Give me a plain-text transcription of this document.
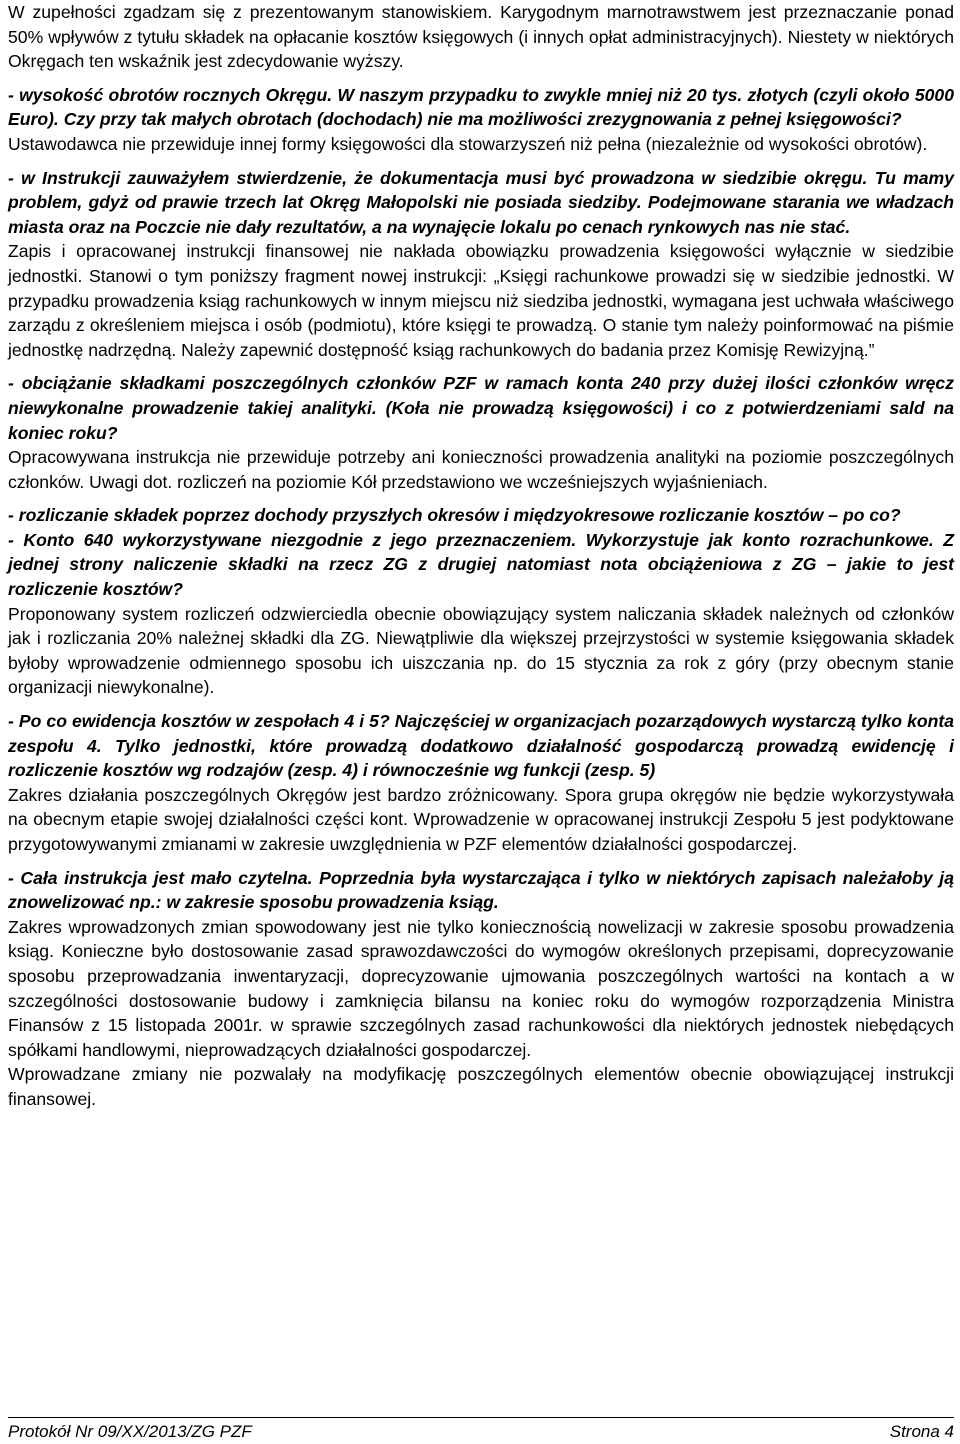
W zupełności zgadzam się z prezentowanym stanowiskiem. Karygodnym marnotrawstwem jest przeznaczanie ponad 50% wpływów z tytułu składek na opłacanie kosztów księgowych (i innych opłat administracyjnych). Niestety w niektórych Okręgach ten wskaźnik jest zdecydowanie wyższy.

- wysokość obrotów rocznych Okręgu. W naszym przypadku to zwykle mniej niż 20 tys. złotych (czyli około 5000 Euro). Czy przy tak małych obrotach (dochodach) nie ma możliwości zrezygnowania z pełnej księgowości?

Ustawodawca nie przewiduje innej formy księgowości dla stowarzyszeń niż pełna (niezależnie od wysokości obrotów).

- w Instrukcji zauważyłem stwierdzenie, że dokumentacja musi być prowadzona w siedzibie okręgu. Tu mamy problem, gdyż od prawie trzech lat Okręg Małopolski nie posiada siedziby. Podejmowane starania we władzach miasta oraz na Poczcie nie dały rezultatów, a na wynajęcie lokalu po cenach rynkowych nas nie stać.

Zapis i opracowanej instrukcji finansowej nie nakłada obowiązku prowadzenia księgowości wyłącznie w siedzibie jednostki. Stanowi o tym poniższy fragment nowej instrukcji: „Księgi rachunkowe prowadzi się w siedzibie jednostki. W przypadku prowadzenia ksiąg rachunkowych w innym miejscu niż siedziba jednostki, wymagana jest uchwała właściwego zarządu z określeniem miejsca i osób (podmiotu), które księgi te prowadzą. O stanie tym należy poinformować na piśmie jednostkę nadrzędną. Należy zapewnić dostępność ksiąg rachunkowych do badania przez Komisję Rewizyjną.”

- obciążanie składkami poszczególnych członków PZF w ramach konta 240 przy dużej ilości członków wręcz niewykonalne prowadzenie takiej analityki. (Koła nie prowadzą księgowości) i co z potwierdzeniami sald na koniec roku?

Opracowywana instrukcja nie przewiduje potrzeby ani konieczności prowadzenia analityki na poziomie poszczególnych członków. Uwagi dot. rozliczeń na poziomie Kół przedstawiono we wcześniejszych wyjaśnieniach.

- rozliczanie składek poprzez dochody przyszłych okresów i międzyokresowe rozliczanie kosztów – po co?

- Konto 640 wykorzystywane niezgodnie z jego przeznaczeniem. Wykorzystuje jak konto rozrachunkowe. Z jednej strony naliczenie składki na rzecz ZG z drugiej natomiast nota obciążeniowa z ZG – jakie to jest rozliczenie kosztów?

Proponowany system rozliczeń odzwierciedla obecnie obowiązujący system naliczania składek należnych od członków jak i rozliczania 20% należnej składki dla ZG. Niewątpliwie dla większej przejrzystości w systemie księgowania składek byłoby wprowadzenie odmiennego sposobu ich uiszczania np. do 15 stycznia za rok z góry (przy obecnym stanie organizacji niewykonalne).

- Po co ewidencja kosztów w zespołach 4 i 5? Najczęściej w organizacjach pozarządowych wystarczą tylko konta zespołu 4. Tylko jednostki, które prowadzą dodatkowo działalność gospodarczą prowadzą ewidencję i rozliczenie kosztów wg rodzajów (zesp. 4) i równocześnie wg funkcji (zesp. 5)

Zakres działania poszczególnych Okręgów jest bardzo zróżnicowany. Spora grupa okręgów nie będzie wykorzystywała na obecnym etapie swojej działalności części kont. Wprowadzenie w opracowanej instrukcji Zespołu 5 jest podyktowane przygotowywanymi zmianami w zakresie uwzględnienia w PZF elementów działalności gospodarczej.

- Cała instrukcja jest mało czytelna. Poprzednia była wystarczająca i tylko w niektórych zapisach należałoby ją znowelizować np.: w zakresie sposobu prowadzenia ksiąg.

Zakres wprowadzonych zmian spowodowany jest nie tylko koniecznością nowelizacji w zakresie sposobu prowadzenia ksiąg. Konieczne było dostosowanie zasad sprawozdawczości do wymogów określonych przepisami, doprecyzowanie sposobu przeprowadzania inwentaryzacji, doprecyzowanie ujmowania poszczególnych wartości na kontach a w szczególności dostosowanie budowy i zamknięcia bilansu na koniec roku do wymogów rozporządzenia Ministra Finansów z 15 listopada 2001r. w sprawie szczególnych zasad rachunkowości dla niektórych jednostek niebędących spółkami handlowymi, nieprowadzących działalności gospodarczej.

Wprowadzane zmiany nie pozwalały na modyfikację poszczególnych elementów obecnie obowiązującej instrukcji finansowej.

Protokół Nr 09/XX/2013/ZG PZF	Strona 4
